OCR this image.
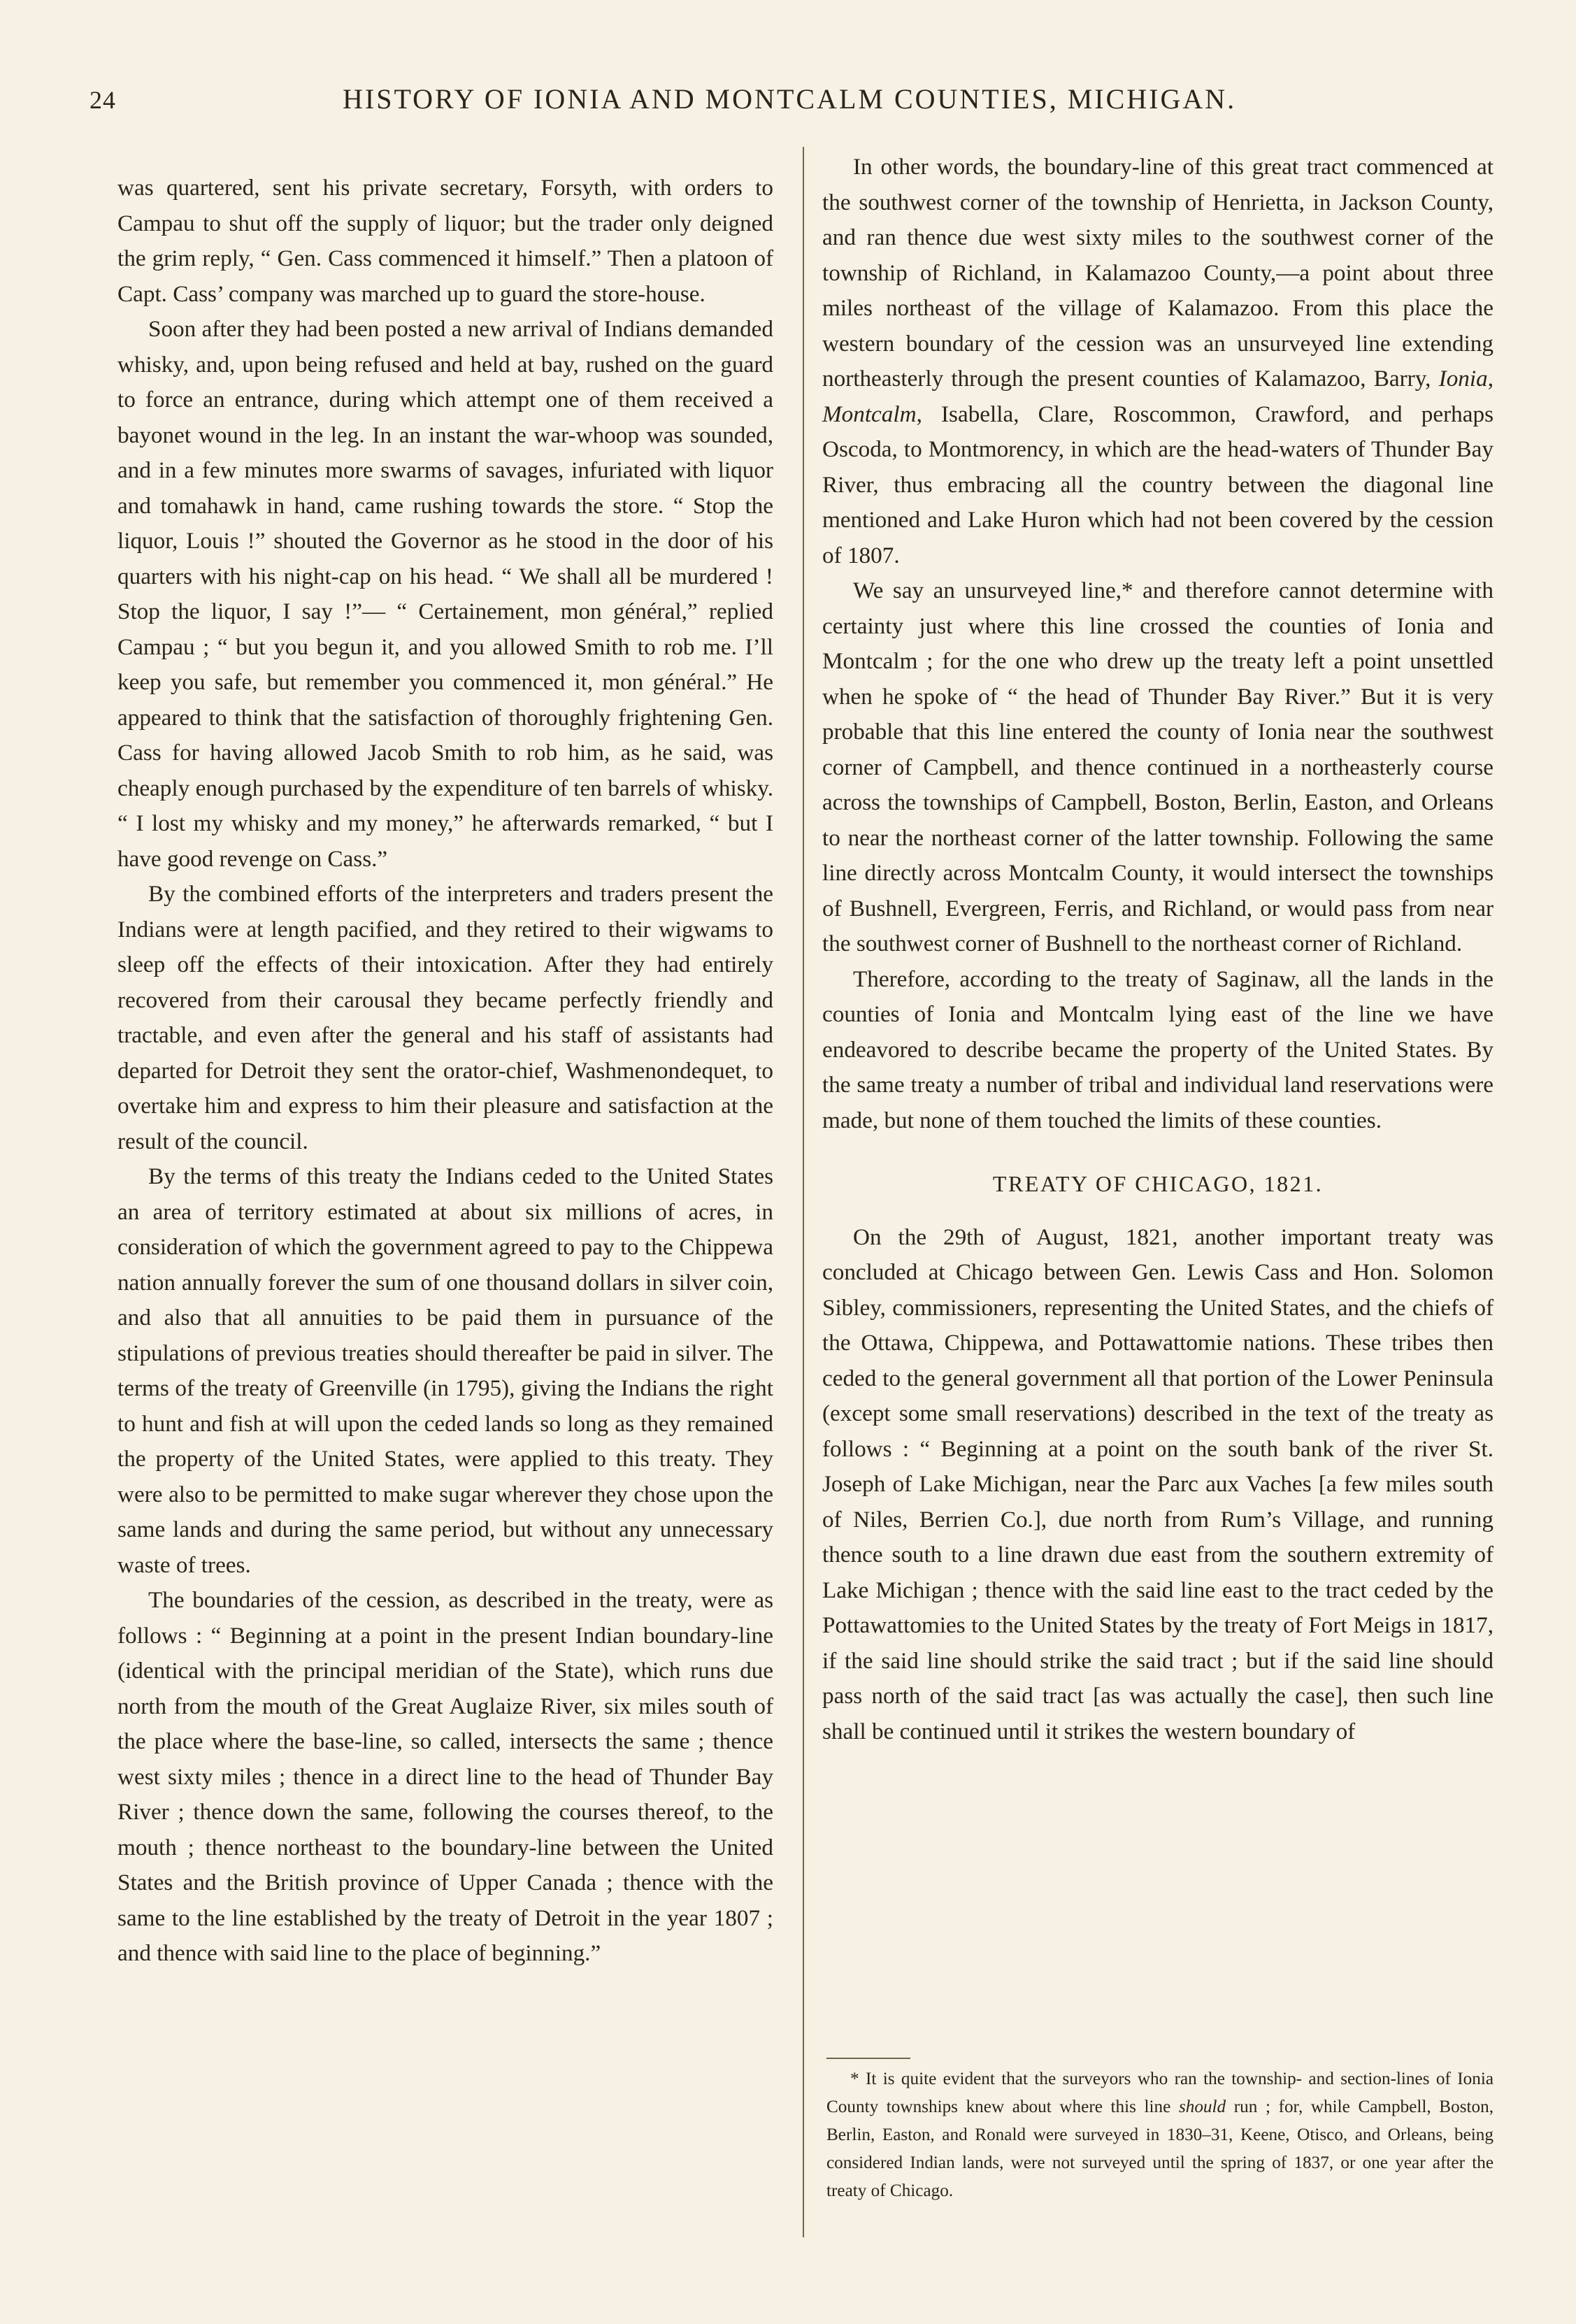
24	HISTORY OF IONIA AND MONTCALM COUNTIES, MICHIGAN.

was quartered, sent his private secretary, Forsyth, with orders to Campau to shut off the supply of liquor; but the trader only deigned the grim reply, “ Gen. Cass commenced it himself.” Then a platoon of Capt. Cass’ company was marched up to guard the store-house.

Soon after they had been posted a new arrival of Indians demanded whisky, and, upon being refused and held at bay, rushed on the guard to force an entrance, during which attempt one of them received a bayonet wound in the leg. In an instant the war-whoop was sounded, and in a few minutes more swarms of savages, infuriated with liquor and tomahawk in hand, came rushing towards the store. “ Stop the liquor, Louis !” shouted the Governor as he stood in the door of his quarters with his night-cap on his head. “ We shall all be murdered ! Stop the liquor, I say !”— “ Certainement, mon général,” replied Campau ; “ but you begun it, and you allowed Smith to rob me. I’ll keep you safe, but remember you commenced it, mon général.” He appeared to think that the satisfaction of thoroughly frightening Gen. Cass for having allowed Jacob Smith to rob him, as he said, was cheaply enough purchased by the expenditure of ten barrels of whisky. “ I lost my whisky and my money,” he afterwards remarked, “ but I have good revenge on Cass.”

By the combined efforts of the interpreters and traders present the Indians were at length pacified, and they retired to their wigwams to sleep off the effects of their intoxication. After they had entirely recovered from their carousal they became perfectly friendly and tractable, and even after the general and his staff of assistants had departed for Detroit they sent the orator-chief, Washmenondequet, to overtake him and express to him their pleasure and satisfaction at the result of the council.

By the terms of this treaty the Indians ceded to the United States an area of territory estimated at about six millions of acres, in consideration of which the government agreed to pay to the Chippewa nation annually forever the sum of one thousand dollars in silver coin, and also that all annuities to be paid them in pursuance of the stipulations of previous treaties should thereafter be paid in silver. The terms of the treaty of Greenville (in 1795), giving the Indians the right to hunt and fish at will upon the ceded lands so long as they remained the property of the United States, were applied to this treaty. They were also to be permitted to make sugar wherever they chose upon the same lands and during the same period, but without any unnecessary waste of trees.

The boundaries of the cession, as described in the treaty, were as follows : “ Beginning at a point in the present Indian boundary-line (identical with the principal meridian of the State), which runs due north from the mouth of the Great Auglaize River, six miles south of the place where the base-line, so called, intersects the same ; thence west sixty miles ; thence in a direct line to the head of Thunder Bay River ; thence down the same, following the courses thereof, to the mouth ; thence northeast to the boundary-line between the United States and the British province of Upper Canada ; thence with the same to the line established by the treaty of Detroit in the year 1807 ; and thence with said line to the place of beginning.”

In other words, the boundary-line of this great tract commenced at the southwest corner of the township of Henrietta, in Jackson County, and ran thence due west sixty miles to the southwest corner of the township of Richland, in Kalamazoo County,—a point about three miles northeast of the village of Kalamazoo. From this place the western boundary of the cession was an unsurveyed line extending northeasterly through the present counties of Kalamazoo, Barry, Ionia, Montcalm, Isabella, Clare, Roscommon, Crawford, and perhaps Oscoda, to Montmorency, in which are the head-waters of Thunder Bay River, thus embracing all the country between the diagonal line mentioned and Lake Huron which had not been covered by the cession of 1807.

We say an unsurveyed line,* and therefore cannot determine with certainty just where this line crossed the counties of Ionia and Montcalm ; for the one who drew up the treaty left a point unsettled when he spoke of “ the head of Thunder Bay River.” But it is very probable that this line entered the county of Ionia near the southwest corner of Campbell, and thence continued in a northeasterly course across the townships of Campbell, Boston, Berlin, Easton, and Orleans to near the northeast corner of the latter township. Following the same line directly across Montcalm County, it would intersect the townships of Bushnell, Evergreen, Ferris, and Richland, or would pass from near the southwest corner of Bushnell to the northeast corner of Richland.

Therefore, according to the treaty of Saginaw, all the lands in the counties of Ionia and Montcalm lying east of the line we have endeavored to describe became the property of the United States. By the same treaty a number of tribal and individual land reservations were made, but none of them touched the limits of these counties.

TREATY OF CHICAGO, 1821.

On the 29th of August, 1821, another important treaty was concluded at Chicago between Gen. Lewis Cass and Hon. Solomon Sibley, commissioners, representing the United States, and the chiefs of the Ottawa, Chippewa, and Pottawattomie nations. These tribes then ceded to the general government all that portion of the Lower Peninsula (except some small reservations) described in the text of the treaty as follows : “ Beginning at a point on the south bank of the river St. Joseph of Lake Michigan, near the Parc aux Vaches [a few miles south of Niles, Berrien Co.], due north from Rum’s Village, and running thence south to a line drawn due east from the southern extremity of Lake Michigan ; thence with the said line east to the tract ceded by the Pottawattomies to the United States by the treaty of Fort Meigs in 1817, if the said line should strike the said tract ; but if the said line should pass north of the said tract [as was actually the case], then such line shall be continued until it strikes the western boundary of

* It is quite evident that the surveyors who ran the township- and section-lines of Ionia County townships knew about where this line should run ; for, while Campbell, Boston, Berlin, Easton, and Ronald were surveyed in 1830–31, Keene, Otisco, and Orleans, being considered Indian lands, were not surveyed until the spring of 1837, or one year after the treaty of Chicago.
